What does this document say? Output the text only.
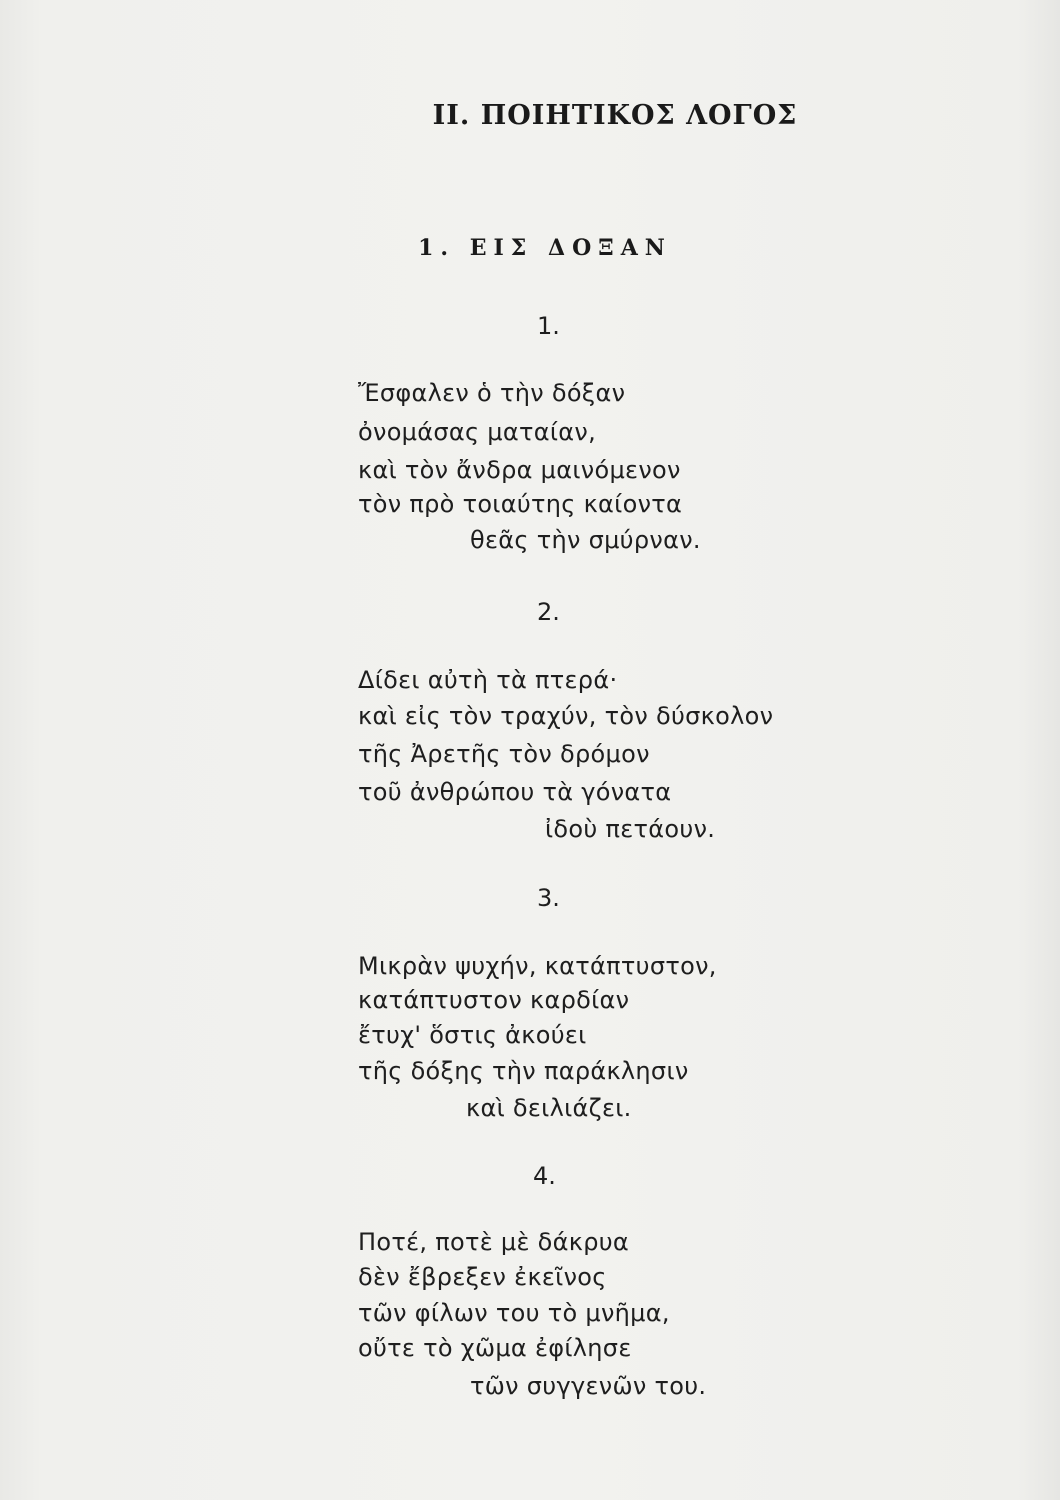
II. ΠΟΙΗΤΙΚΟΣ ΛΟΓΟΣ
1. ΕΙΣ ΔΟΞΑΝ
1.
Ἔσφαλεν ὁ τὴν δόξαν
ὀνομάσας ματαίαν,
καὶ τὸν ἄνδρα μαινόμενον
τὸν πρὸ τοιαύτης καίοντα
θεᾶς τὴν σμύρναν.
2.
Δίδει αὐτὴ τὰ πτερά·
καὶ εἰς τὸν τραχύν, τὸν δύσκολον
τῆς Ἀρετῆς τὸν δρόμον
τοῦ ἀνθρώπου τὰ γόνατα
ἰδοὺ πετάουν.
3.
Μικρὰν ψυχήν, κατάπτυστον,
κατάπτυστον καρδίαν
ἔτυχ' ὅστις ἀκούει
τῆς δόξης τὴν παράκλησιν
καὶ δειλιάζει.
4.
Ποτέ, ποτὲ μὲ δάκρυα
δὲν ἔβρεξεν ἐκεῖνος
τῶν φίλων του τὸ μνῆμα,
οὔτε τὸ χῶμα ἐφίλησε
τῶν συγγενῶν του.
